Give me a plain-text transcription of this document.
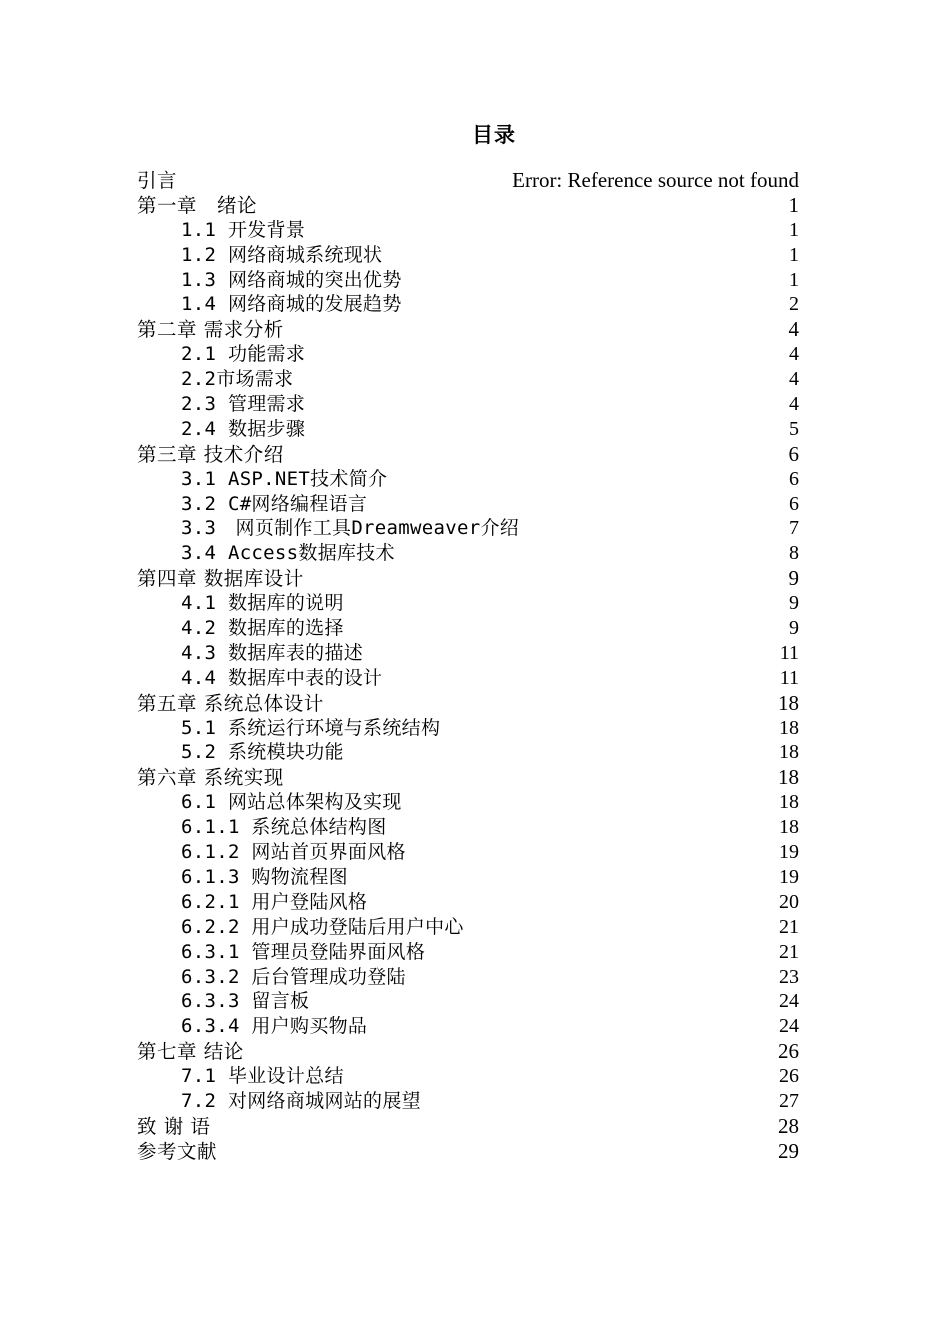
目录
引言	Error: Reference source not found
第一章　绪论	1
1.1 开发背景	1
1.2 网络商城系统现状	1
1.3 网络商城的突出优势	1
1.4 网络商城的发展趋势	2
第二章 需求分析	4
2.1 功能需求	4
2.2市场需求	4
2.3 管理需求	4
2.4 数据步骤	5
第三章 技术介绍	6
3.1 ASP.NET技术简介	6
3.2 C#网络编程语言	6
3.3　网页制作工具Dreamweaver介绍	7
3.4 Access数据库技术	8
第四章 数据库设计	9
4.1 数据库的说明	9
4.2 数据库的选择	9
4.3 数据库表的描述	11
4.4 数据库中表的设计	11
第五章 系统总体设计	18
5.1 系统运行环境与系统结构	18
5.2 系统模块功能	18
第六章 系统实现	18
6.1 网站总体架构及实现	18
6.1.1 系统总体结构图	18
6.1.2 网站首页界面风格	19
6.1.3 购物流程图	19
6.2.1 用户登陆风格	20
6.2.2 用户成功登陆后用户中心	21
6.3.1 管理员登陆界面风格	21
6.3.2 后台管理成功登陆	23
6.3.3 留言板	24
6.3.4 用户购买物品	24
第七章 结论	26
7.1 毕业设计总结	26
7.2 对网络商城网站的展望	27
致 谢 语	28
参考文献	29
